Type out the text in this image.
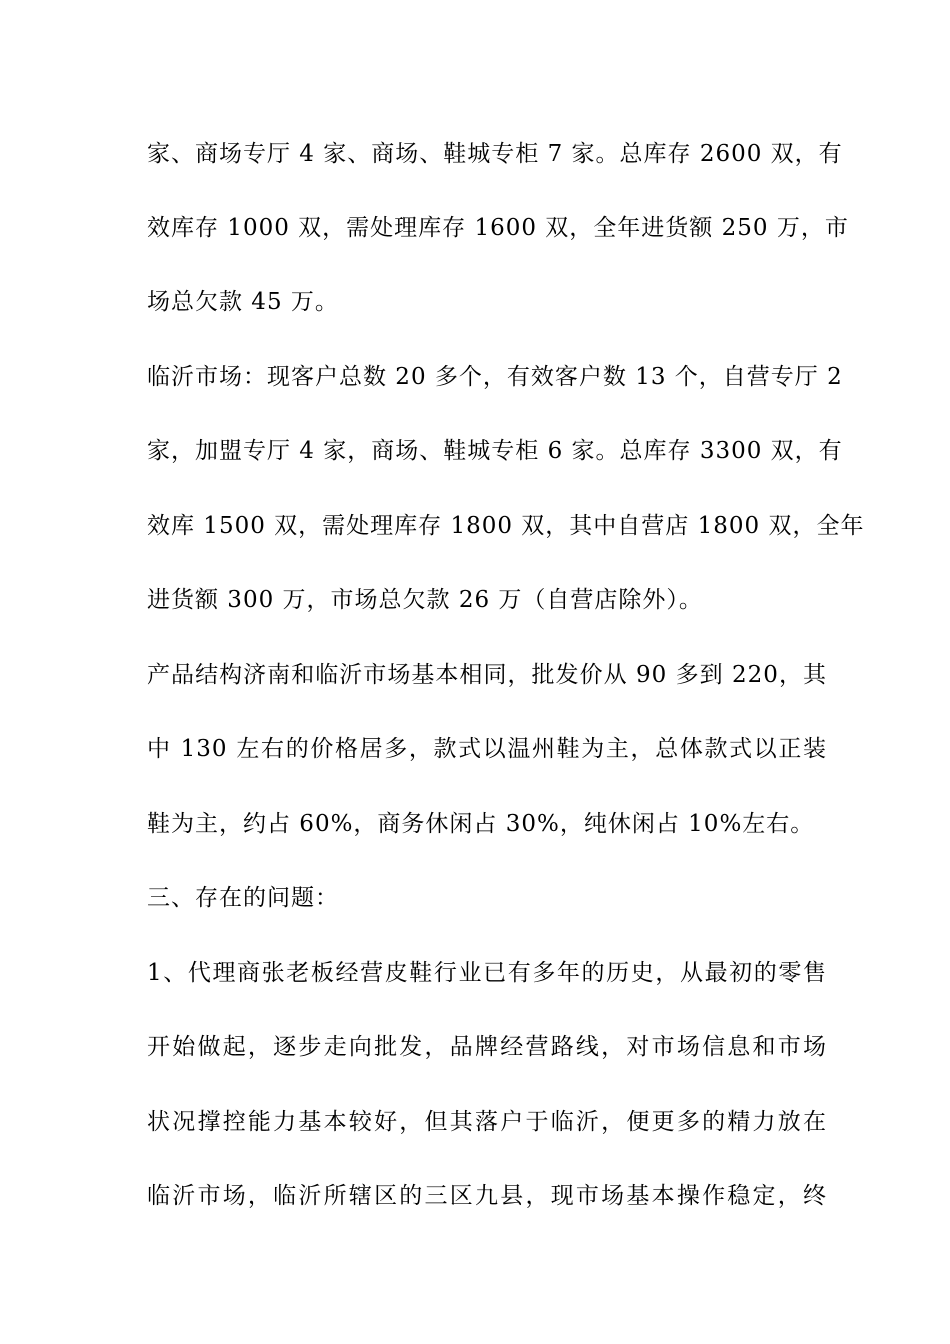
家、商场专厅 4 家、商场、鞋城专柜 7 家。总库存 2600 双，有
效库存 1000 双，需处理库存 1600 双，全年进货额 250 万，市
场总欠款 45 万。
临沂市场：现客户总数 20 多个，有效客户数 13 个，自营专厅 2
家，加盟专厅 4 家，商场、鞋城专柜 6 家。总库存 3300 双，有
效库 1500 双，需处理库存 1800 双，其中自营店 1800 双，全年
进货额 300 万，市场总欠款 26 万（自营店除外）。
产品结构济南和临沂市场基本相同，批发价从 90 多到 220，其
中 130 左右的价格居多，款式以温州鞋为主，总体款式以正装
鞋为主，约占 60%，商务休闲占 30%，纯休闲占 10%左右。
三、存在的问题：
1、代理商张老板经营皮鞋行业已有多年的历史，从最初的零售
开始做起，逐步走向批发，品牌经营路线，对市场信息和市场
状况撑控能力基本较好，但其落户于临沂，便更多的精力放在
临沂市场，临沂所辖区的三区九县，现市场基本操作稳定，终
